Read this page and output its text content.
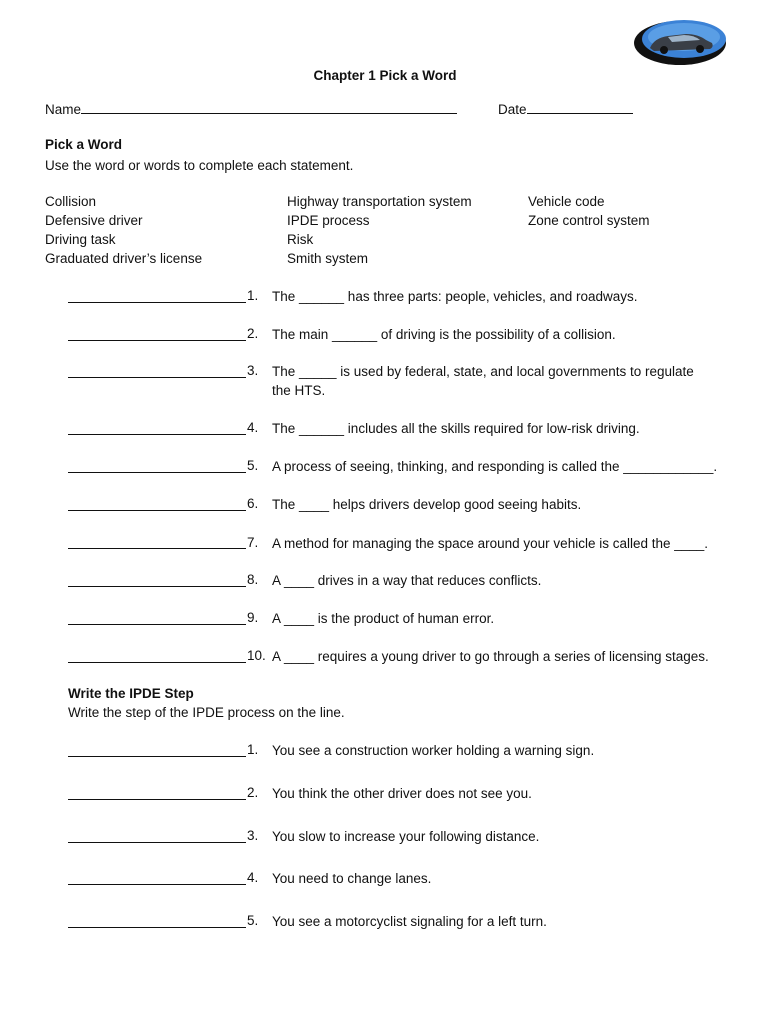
Chapter 1 Pick a Word
Name	Date
Pick a Word
Use the word or words to complete each statement.
Collision
Defensive driver
Driving task
Graduated driver’s license
Highway transportation system
IPDE process
Risk
Smith system
Vehicle code
Zone control system
1. The ______ has three parts: people, vehicles, and roadways.
2. The main ______ of driving is the possibility of a collision.
3. The _____ is used by federal, state, and local governments to regulate
the HTS.
4. The ______ includes all the skills required for low-risk driving.
5. A process of seeing, thinking, and responding is called the ____________.
6. The ____ helps drivers develop good seeing habits.
7. A method for managing the space around your vehicle is called the ____.
8. A ____ drives in a way that reduces conflicts.
9. A ____ is the product of human error.
10. A ____ requires a young driver to go through a series of licensing stages.
Write the IPDE Step
Write the step of the IPDE process on the line.
1. You see a construction worker holding a warning sign.
2. You think the other driver does not see you.
3. You slow to increase your following distance.
4. You need to change lanes.
5. You see a motorcyclist signaling for a left turn.
